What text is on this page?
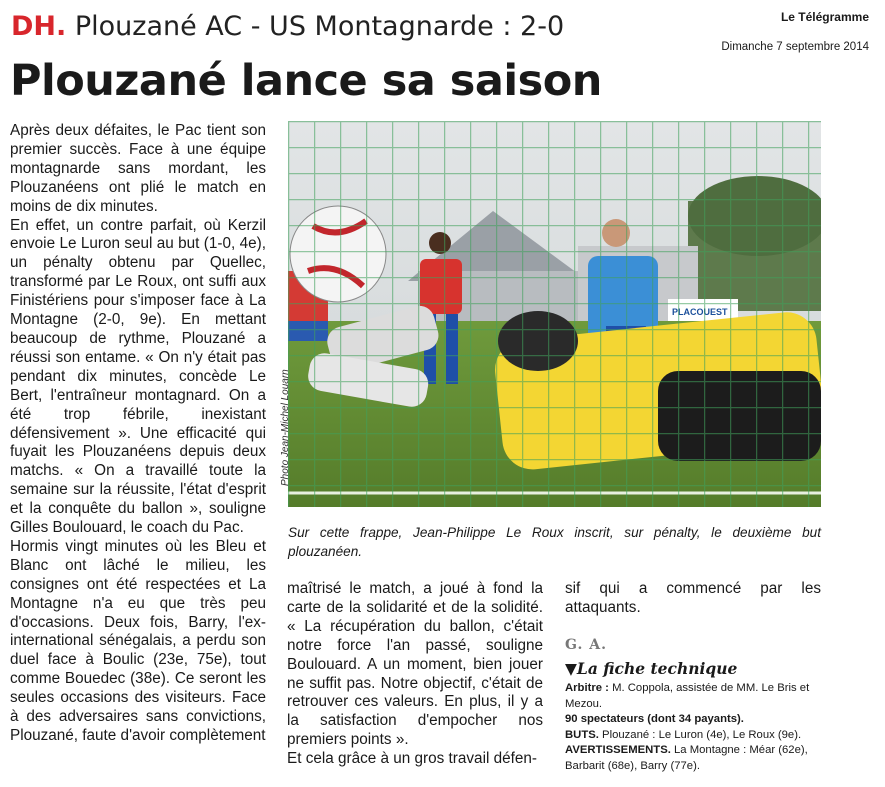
DH. Plouzané AC - US Montagnarde : 2-0	Le Télégramme
Dimanche 7 septembre 2014
Plouzané lance sa saison

Après deux défaites, le Pac tient son premier succès. Face à une équipe montagnarde sans mordant, les Plouzanéens ont plié le match en moins de dix minutes.

En effet, un contre parfait, où Kerzil envoie Le Luron seul au but (1-0, 4e), un pénalty obtenu par Quellec, transformé par Le Roux, ont suffi aux Finistériens pour s'imposer face à La Montagne (2-0, 9e). En mettant beaucoup de rythme, Plouzané a réussi son entame. « On n'y était pas pendant dix minutes, concède Le Bert, l'entraîneur montagnard. On a été trop fébrile, inexistant défensivement ». Une efficacité qui fuyait les Plouzanéens depuis deux matchs. « On a travaillé toute la semaine sur la réussite, l'état d'esprit et la conquête du ballon », souligne Gilles Boulouard, le coach du Pac.

Hormis vingt minutes où les Bleu et Blanc ont lâché le milieu, les consignes ont été respectées et La Montagne n'a eu que très peu d'occasions. Deux fois, Barry, l'ex-international sénégalais, a perdu son duel face à Boulic (23e, 75e), tout comme Bouedec (38e). Ce seront les seules occasions des visiteurs. Face à des adversaires sans convictions, Plouzané, faute d'avoir complètement

Photo Jean-Michel Louarn
Sur cette frappe, Jean-Philippe Le Roux inscrit, sur pénalty, le deuxième but plouzanéen.

maîtrisé le match, a joué à fond la carte de la solidarité et de la solidité. « La récupération du ballon, c'était notre force l'an passé, souligne Boulouard. A un moment, bien jouer ne suffit pas. Notre objectif, c'était de retrouver ces valeurs. En plus, il y a la satisfaction d'empocher nos premiers points ».

Et cela grâce à un gros travail défen-

sif qui a commencé par les attaquants.

G. A.
▼La fiche technique

Arbitre : M. Coppola, assistée de MM. Le Bris et Mezou.

90 spectateurs (dont 34 payants).

BUTS. Plouzané : Le Luron (4e), Le Roux (9e).

AVERTISSEMENTS. La Montagne : Méar (62e), Barbarit (68e), Barry (77e).
